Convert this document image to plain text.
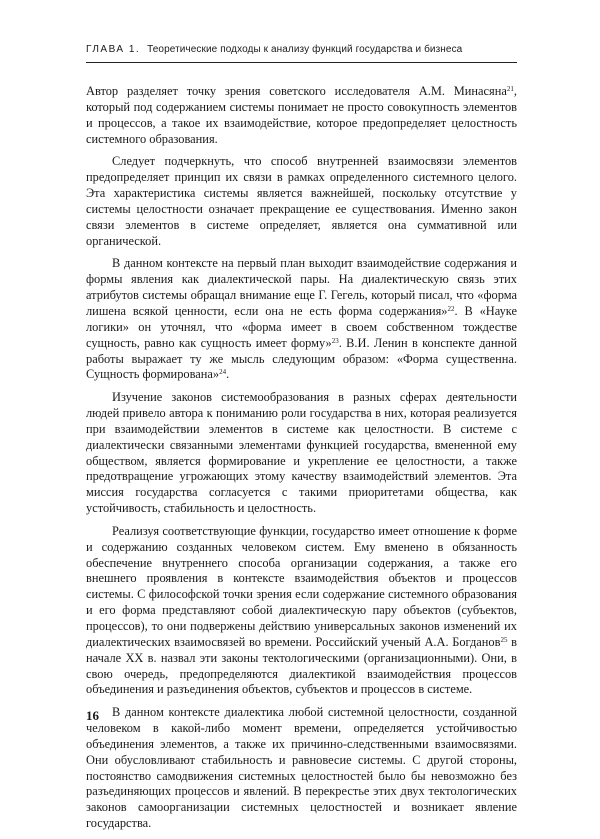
ГЛАВА 1. Теоретические подходы к анализу функций государства и бизнеса

Автор разделяет точку зрения советского исследователя А.М. Минасяна$^{21}$, который под содержанием системы понимает не просто совокупность элементов и процессов, а такое их взаимодействие, которое предопределяет целостность системного образования.

Следует подчеркнуть, что способ внутренней взаимосвязи элементов предопределяет принцип их связи в рамках определенного системного целого. Эта характеристика системы является важнейшей, поскольку отсутствие у системы целостности означает прекращение ее существования. Именно закон связи элементов в системе определяет, является она суммативной или органической.

В данном контексте на первый план выходит взаимодействие содержания и формы явления как диалектической пары. На диалектическую связь этих атрибутов системы обращал внимание еще Г. Гегель, который писал, что «форма лишена всякой ценности, если она не есть форма содержания»$^{22}$. В «Науке логики» он уточнял, что «форма имеет в своем собственном тождестве сущность, равно как сущность имеет форму»$^{23}$. В.И. Ленин в конспекте данной работы выражает ту же мысль следующим образом: «Форма существенна. Сущность формирована»$^{24}$.

Изучение законов системообразования в разных сферах деятельности людей привело автора к пониманию роли государства в них, которая реализуется при взаимодействии элементов в системе как целостности. В системе с диалектически связанными элементами функцией государства, вмененной ему обществом, является формирование и укрепление ее целостности, а также предотвращение угрожающих этому качеству взаимодействий элементов. Эта миссия государства согласуется с такими приоритетами общества, как устойчивость, стабильность и целостность.

Реализуя соответствующие функции, государство имеет отношение к форме и содержанию созданных человеком систем. Ему вменено в обязанность обеспечение внутреннего способа организации содержания, а также его внешнего проявления в контексте взаимодействия объектов и процессов системы. С философской точки зрения если содержание системного образования и его форма представляют собой диалектическую пару объектов (субъектов, процессов), то они подвержены действию универсальных законов изменений их диалектических взаимосвязей во времени. Российский ученый А.А. Богданов$^{25}$ в начале XX в. назвал эти законы тектологическими (организационными). Они, в свою очередь, предопределяются диалектикой взаимодействия процессов объединения и разъединения объектов, субъектов и процессов в системе.

В данном контексте диалектика любой системной целостности, созданной человеком в какой-либо момент времени, определяется устойчивостью объединения элементов, а также их причинно-следственными взаимосвязями. Они обусловливают стабильность и равновесие системы. С другой стороны, постоянство самодвижения системных целостностей было бы невозможно без разъединяющих процессов и явлений. В перекрестье этих двух тектологических законов самоорганизации системных целостностей и возникает явление государства.

16
